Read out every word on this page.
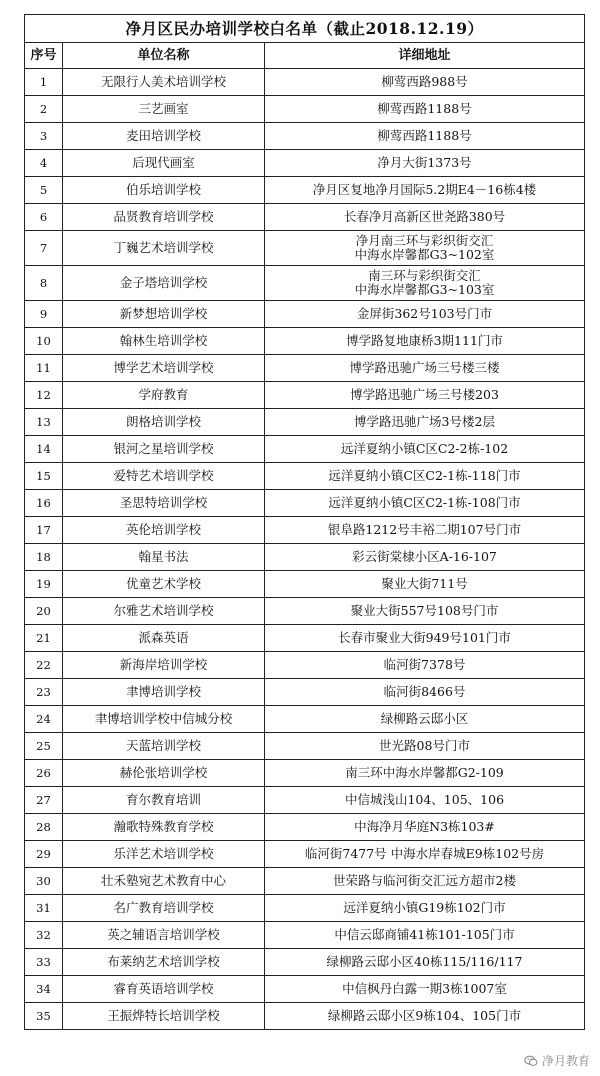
净月区民办培训学校白名单（截止2018.12.19）		
序号	单位名称	详细地址
1	无限行人美术培训学校	柳莺西路988号

2	三艺画室	柳莺西路1188号

3	麦田培训学校	柳莺西路1188号

4	后现代画室	净月大街1373号

5	伯乐培训学校	净月区复地净月国际5.2期E4－16栋4楼

6	品贤教育培训学校	长春净月高新区世尧路380号

7	丁巍艺术培训学校	净月南三环与彩织街交汇
中海水岸馨都G3~102室

8	金子塔培训学校	南三环与彩织街交汇
中海水岸馨都G3~103室

9	新梦想培训学校	金屏街362号103号门市

10	翰林生培训学校	博学路复地康桥3期111门市

11	博学艺术培训学校	博学路迅驰广场三号楼三楼

12	学府教育	博学路迅驰广场三号楼203

13	朗格培训学校	博学路迅驰广场3号楼2层

14	银河之星培训学校	远洋夏纳小镇C区C2-2栋-102

15	爱特艺术培训学校	远洋夏纳小镇C区C2-1栋-118门市

16	圣思特培训学校	远洋夏纳小镇C区C2-1栋-108门市

17	英伦培训学校	银阜路1212号丰裕二期107号门市

18	翰星书法	彩云街棠棣小区A-16-107

19	优童艺术学校	聚业大街711号

20	尔雅艺术培训学校	聚业大街557号108号门市

21	派森英语	长春市聚业大街949号101门市

22	新海岸培训学校	临河街7378号

23	聿博培训学校	临河街8466号

24	聿博培训学校中信城分校	绿柳路云邸小区

25	天蓝培训学校	世光路08号门市

26	赫伦张培训学校	南三环中海水岸馨都G2-109

27	育尔教育培训	中信城浅山104、105、106

28	瀚歌特殊教育学校	中海净月华庭N3栋103#

29	乐洋艺术培训学校	临河街7477号 中海水岸春城E9栋102号房

30	壮禾塾宛艺术教育中心	世荣路与临河街交汇远方超市2楼

31	名广教育培训学校	远洋夏纳小镇G19栋102门市

32	英之辅语言培训学校	中信云邸商铺41栋101-105门市

33	布莱纳艺术培训学校	绿柳路云邸小区40栋115/116/117

34	睿育英语培训学校	中信枫丹白露一期3栋1007室

35	王振烨特长培训学校	绿柳路云邸小区9栋104、105门市
净月教育
